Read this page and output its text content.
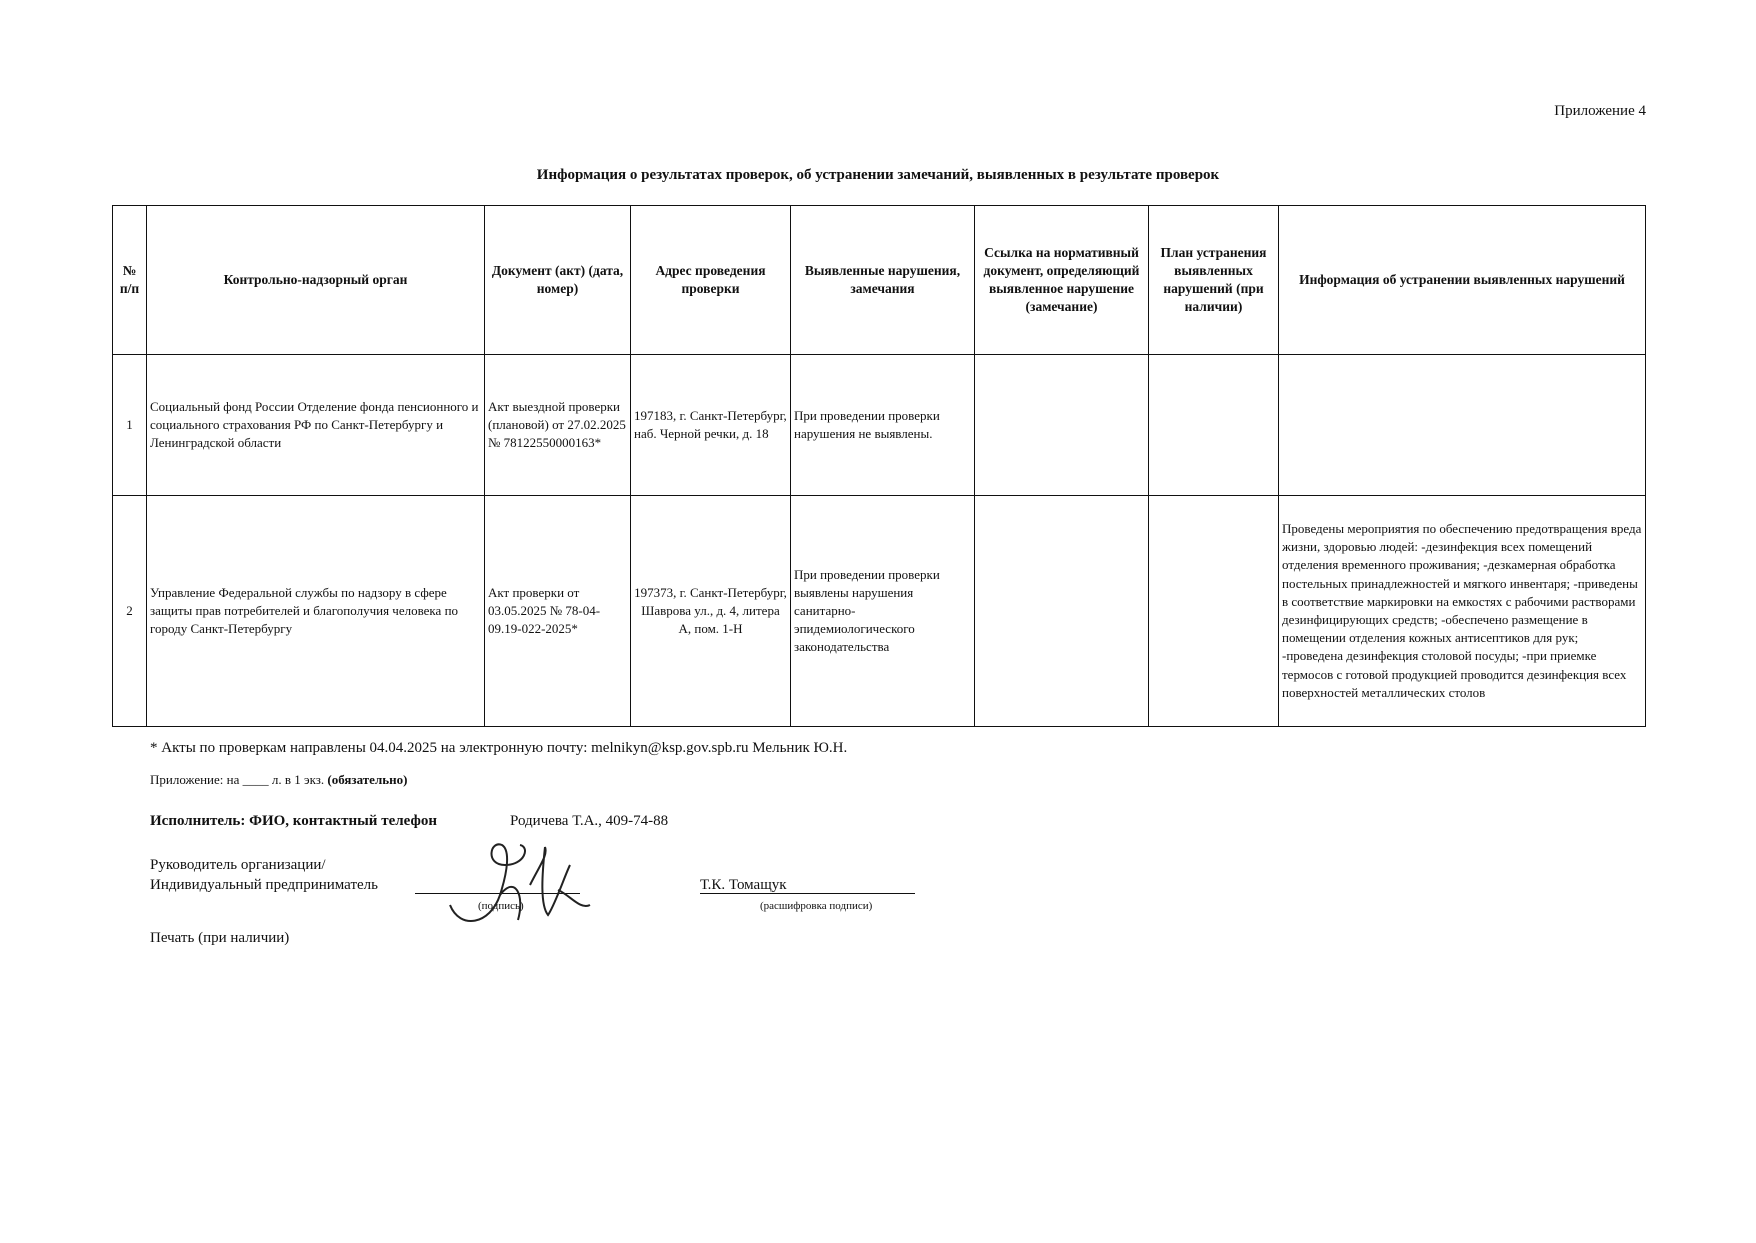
Приложение 4
Информация о результатах проверок, об устранении замечаний, выявленных в результате проверок
№ п/п	Контрольно-надзорный орган	Документ (акт) (дата, номер)	Адрес проведения проверки	Выявленные нарушения, замечания	Ссылка на нормативный документ, определяющий выявленное нарушение (замечание)	План устранения выявленных нарушений (при наличии)	Информация об устранении выявленных нарушений
1	Социальный фонд России Отделение фонда пенсионного и социального страхования РФ по Санкт-Петербургу и Ленинградской области	Акт выездной проверки (плановой) от 27.02.2025 № 78122550000163*	197183, г. Санкт-Петербург, наб. Черной речки, д. 18	При проведении проверки нарушения не выявлены.			
2	Управление Федеральной службы по надзору в сфере защиты прав потребителей и благополучия человека по городу Санкт-Петербургу	Акт проверки от 03.05.2025 № 78-04-09.19-022-2025*	197373, г. Санкт-Петербург, Шаврова ул., д. 4, литера А, пом. 1-Н	При проведении проверки выявлены нарушения санитарно-эпидемиологического законодательства			Проведены мероприятия по обеспечению предотвращения вреда жизни, здоровью людей: -дезинфекция всех помещений отделения временного проживания; -дезкамерная обработка постельных принадлежностей и мягкого инвентаря; -приведены в соответствие маркировки на емкостях с рабочими растворами дезинфицирующих средств; -обеспечено размещение в помещении отделения кожных антисептиков для рук; -проведена дезинфекция столовой посуды; -при приемке термосов с готовой продукцией проводится дезинфекция всех поверхностей металлических столов
* Акты по проверкам направлены 04.04.2025 на электронную почту: melnikyn@ksp.gov.spb.ru Мельник Ю.Н.
Приложение: на ____ л. в 1 экз. (обязательно)
Исполнитель: ФИО, контактный телефон	Родичева Т.А., 409-74-88
Руководитель организации/
Индивидуальный предприниматель
(подпись)
Т.К. Томащук
(расшифровка подписи)
Печать (при наличии)
